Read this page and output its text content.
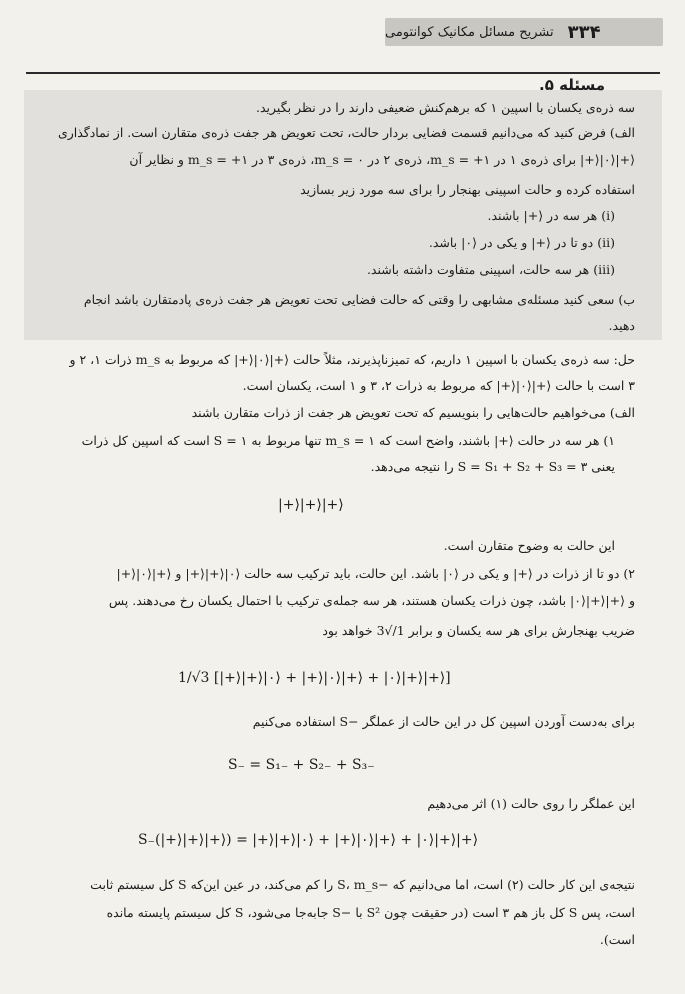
۳۳۴
تشریح مسائل مکانیک کوانتومی
مسئله ۵.
سه ذره‌ی یکسان با اسپین ۱ که برهم‌کنش ضعیفی دارند را در نظر بگیرید.
الف) فرض کنید که می‌دانیم قسمت فضایی بردار حالت، تحت تعویض هر جفت ذره‌ی متقارن است. از نمادگذاری
⟨+|⟨۰|⟨+| برای ذره‌ی ۱ در m_s = +۱، ذره‌ی ۲ در ۰ = m_s، ذره‌ی ۳ در m_s = +۱ و نظایر آن
استفاده کرده و حالت اسپینی بهنجار را برای سه مورد زیر بسازید
(i) هر سه در ⟨+| باشند.
(ii) دو تا در ⟨+| و یکی در ⟨۰| باشد.
(iii) هر سه حالت، اسپینی متفاوت داشته باشند.
ب) سعی کنید مسئله‌ی مشابهی را وقتی که حالت فضایی تحت تعویض هر جفت ذره‌ی پادمتقارن باشد انجام
دهید.
حل: سه ذره‌ی یکسان با اسپین ۱ داریم، که تمیزناپذیرند، مثلاً حالت ⟨+|⟨۰|⟨+| که مربوط به m_s ذرات ۱، ۲ و
۳ است با حالت ⟨+|⟨۰|⟨+| که مربوط به ذرات ۲، ۳ و ۱ است، یکسان است.
الف) می‌خواهیم حالت‌هایی را بنویسیم که تحت تعویض هر جفت از ذرات متقارن باشند
۱) هر سه در حالت ⟨+| باشند، واضح است که m_s = ۱ تنها مربوط به S = ۱ است که اسپین کل ذرات
یعنی S = S₁ + S₂ + S₃ = ۳ را نتیجه می‌دهد.
|+⟩|+⟩|+⟩
این حالت به وضوح متقارن است.
۲) دو تا از ذرات در ⟨+| و یکی در ⟨۰| باشد. این حالت، باید ترکیب سه حالت ⟨۰|⟨+|⟨+| و ⟨+|⟨۰|⟨+|
و ⟨+|⟨+|⟨۰| باشد، چون ذرات یکسان هستند، هر سه جمله‌ی ترکیب با احتمال یکسان رخ می‌دهند. پس
ضریب بهنجارش برای هر سه یکسان و برابر 1/√3 خواهد بود
1/√3 [|+⟩|+⟩|۰⟩ + |+⟩|۰⟩|+⟩ + |۰⟩|+⟩|+⟩]
برای به‌دست آوردن اسپین کل در این حالت از عملگر −S استفاده می‌کنیم
S₋ = S₁₋ + S₂₋ + S₃₋
این عملگر را روی حالت (۱) اثر می‌دهیم
S₋(|+⟩|+⟩|+⟩) = |+⟩|+⟩|۰⟩ + |+⟩|۰⟩|+⟩ + |۰⟩|+⟩|+⟩
نتیجه‌ی این کار حالت (۲) است، اما می‌دانیم که −S، m_s را کم می‌کند، در عین این‌که S کل سیستم ثابت
است، پس S کل باز هم ۳ است (در حقیقت چون S² با −S جابه‌جا می‌شود، S کل سیستم پایسته مانده
است).
